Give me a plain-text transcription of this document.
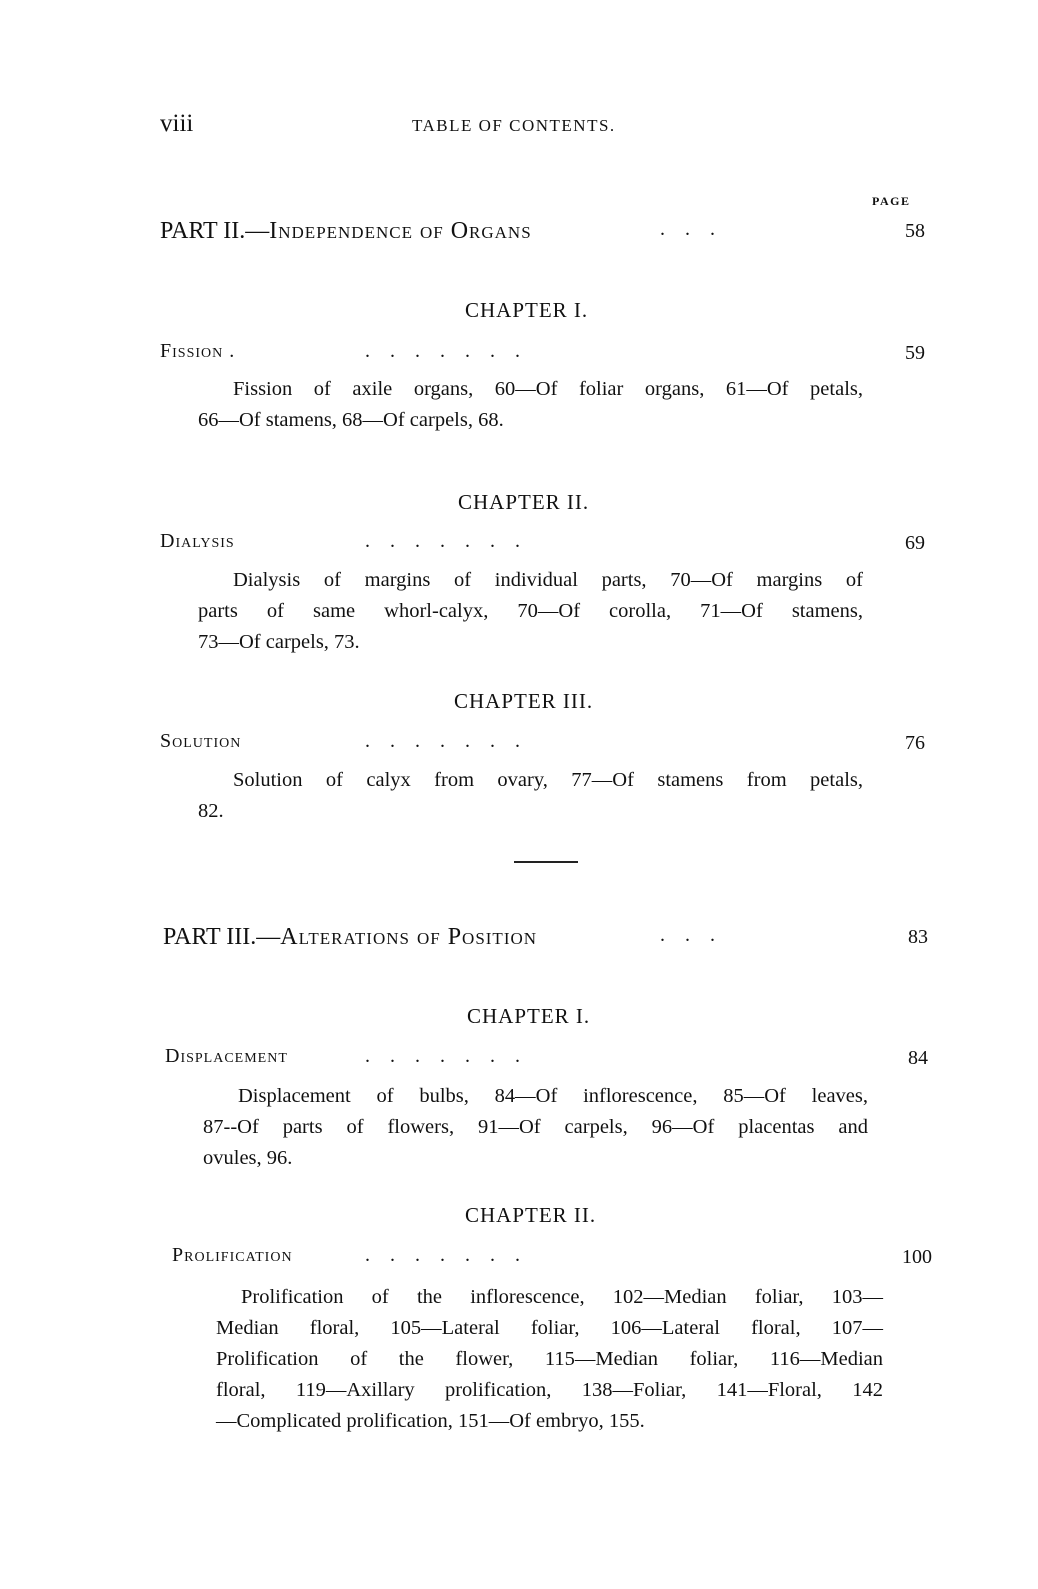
viii	TABLE OF CONTENTS.
PAGE
PART II.—Independence of Organs	.    .    .	58
CHAPTER I.
Fission .	.    .    .    .    .    .    .	59
Fission of axile organs, 60—Of foliar organs, 61—Of petals,
66—Of stamens, 68—Of carpels, 68.
CHAPTER II.
Dialysis	.    .    .    .    .    .    .	69
Dialysis of margins of individual parts, 70—Of margins of
parts of same whorl-calyx, 70—Of corolla, 71—Of stamens,
73—Of carpels, 73.
CHAPTER III.
Solution	.    .    .    .    .    .    .	76
Solution of calyx from ovary, 77—Of stamens from petals,
82.
PART III.—Alterations of Position	.    .    .	83
CHAPTER I.
Displacement	.    .    .    .    .    .    .	84
Displacement of bulbs, 84—Of inflorescence, 85—Of leaves,
87--Of parts of flowers, 91—Of carpels, 96—Of placentas and
ovules, 96.
CHAPTER II.
Prolification	.    .    .    .    .    .    .	100
Prolification of the inflorescence, 102—Median foliar, 103—
Median floral, 105—Lateral foliar, 106—Lateral floral, 107—
Prolification of the flower, 115—Median foliar, 116—Median
floral, 119—Axillary prolification, 138—Foliar, 141—Floral, 142
—Complicated prolification, 151—Of embryo, 155.
